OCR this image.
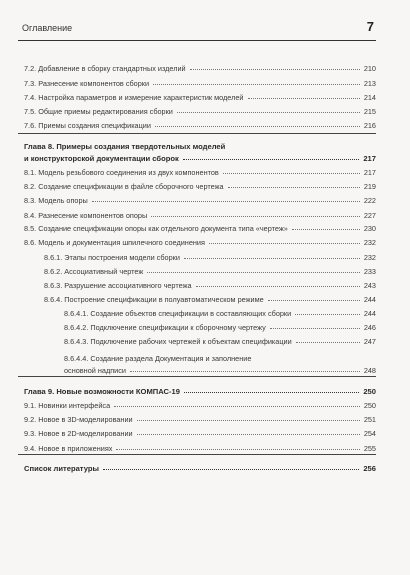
Оглавление	7
7.2. Добавление в сборку стандартных изделий	210
7.3. Разнесение компонентов сборки	213
7.4. Настройка параметров и измерение характеристик моделей	214
7.5. Общие приемы редактирования сборки	215
7.6. Приемы создания спецификации	216
Глава 8. Примеры создания твердотельных моделей
и конструкторской документации сборок	217
8.1. Модель резьбового соединения из двух компонентов	217
8.2. Создание спецификации в файле сборочного чертежа	219
8.3. Модель опоры	222
8.4. Разнесение компонентов опоры	227
8.5. Создание спецификации опоры как отдельного документа типа «чертеж»	230
8.6. Модель и документация шпилечного соединения	232
8.6.1. Этапы построения модели сборки	232
8.6.2. Ассоциативный чертеж	233
8.6.3. Разрушение ассоциативного чертежа	243
8.6.4. Построение спецификации в полуавтоматическом режиме	244
8.6.4.1. Создание объектов спецификации в составляющих сборки	244
8.6.4.2. Подключение спецификации к сборочному чертежу	246
8.6.4.3. Подключение рабочих чертежей к объектам спецификации	247
8.6.4.4. Создание раздела Документация и заполнение
основной надписи	248
Глава 9. Новые возможности КОМПАС-19	250
9.1. Новинки интерфейса	250
9.2. Новое в 3D-моделировании	251
9.3. Новое в 2D-моделировании	254
9.4. Новое в приложениях	255
Список литературы	256
